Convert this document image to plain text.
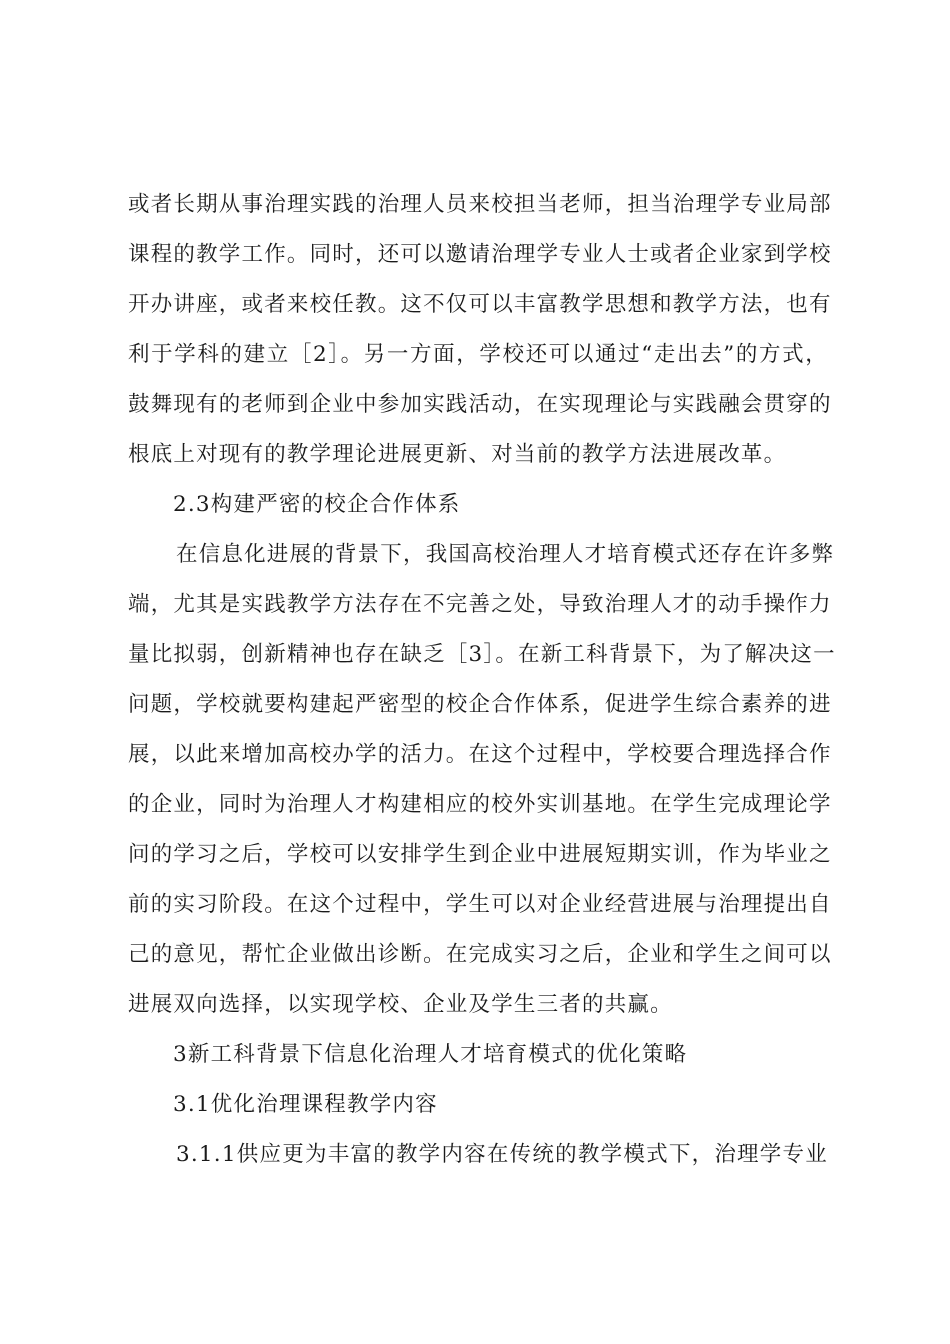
或者长期从事治理实践的治理人员来校担当老师，担当治理学专业局部
课程的教学工作。同时，还可以邀请治理学专业人士或者企业家到学校
开办讲座，或者来校任教。这不仅可以丰富教学思想和教学方法，也有
利于学科的建立［2］。另一方面，学校还可以通过“走出去”的方式，
鼓舞现有的老师到企业中参加实践活动，在实现理论与实践融会贯穿的
根底上对现有的教学理论进展更新、对当前的教学方法进展改革。
2.3构建严密的校企合作体系
在信息化进展的背景下，我国高校治理人才培育模式还存在许多弊
端，尤其是实践教学方法存在不完善之处，导致治理人才的动手操作力
量比拟弱，创新精神也存在缺乏［3］。在新工科背景下，为了解决这一
问题，学校就要构建起严密型的校企合作体系，促进学生综合素养的进
展，以此来增加高校办学的活力。在这个过程中，学校要合理选择合作
的企业，同时为治理人才构建相应的校外实训基地。在学生完成理论学
问的学习之后，学校可以安排学生到企业中进展短期实训，作为毕业之
前的实习阶段。在这个过程中，学生可以对企业经营进展与治理提出自
己的意见，帮忙企业做出诊断。在完成实习之后，企业和学生之间可以
进展双向选择，以实现学校、企业及学生三者的共赢。
3新工科背景下信息化治理人才培育模式的优化策略
3.1优化治理课程教学内容
3.1.1供应更为丰富的教学内容在传统的教学模式下，治理学专业
